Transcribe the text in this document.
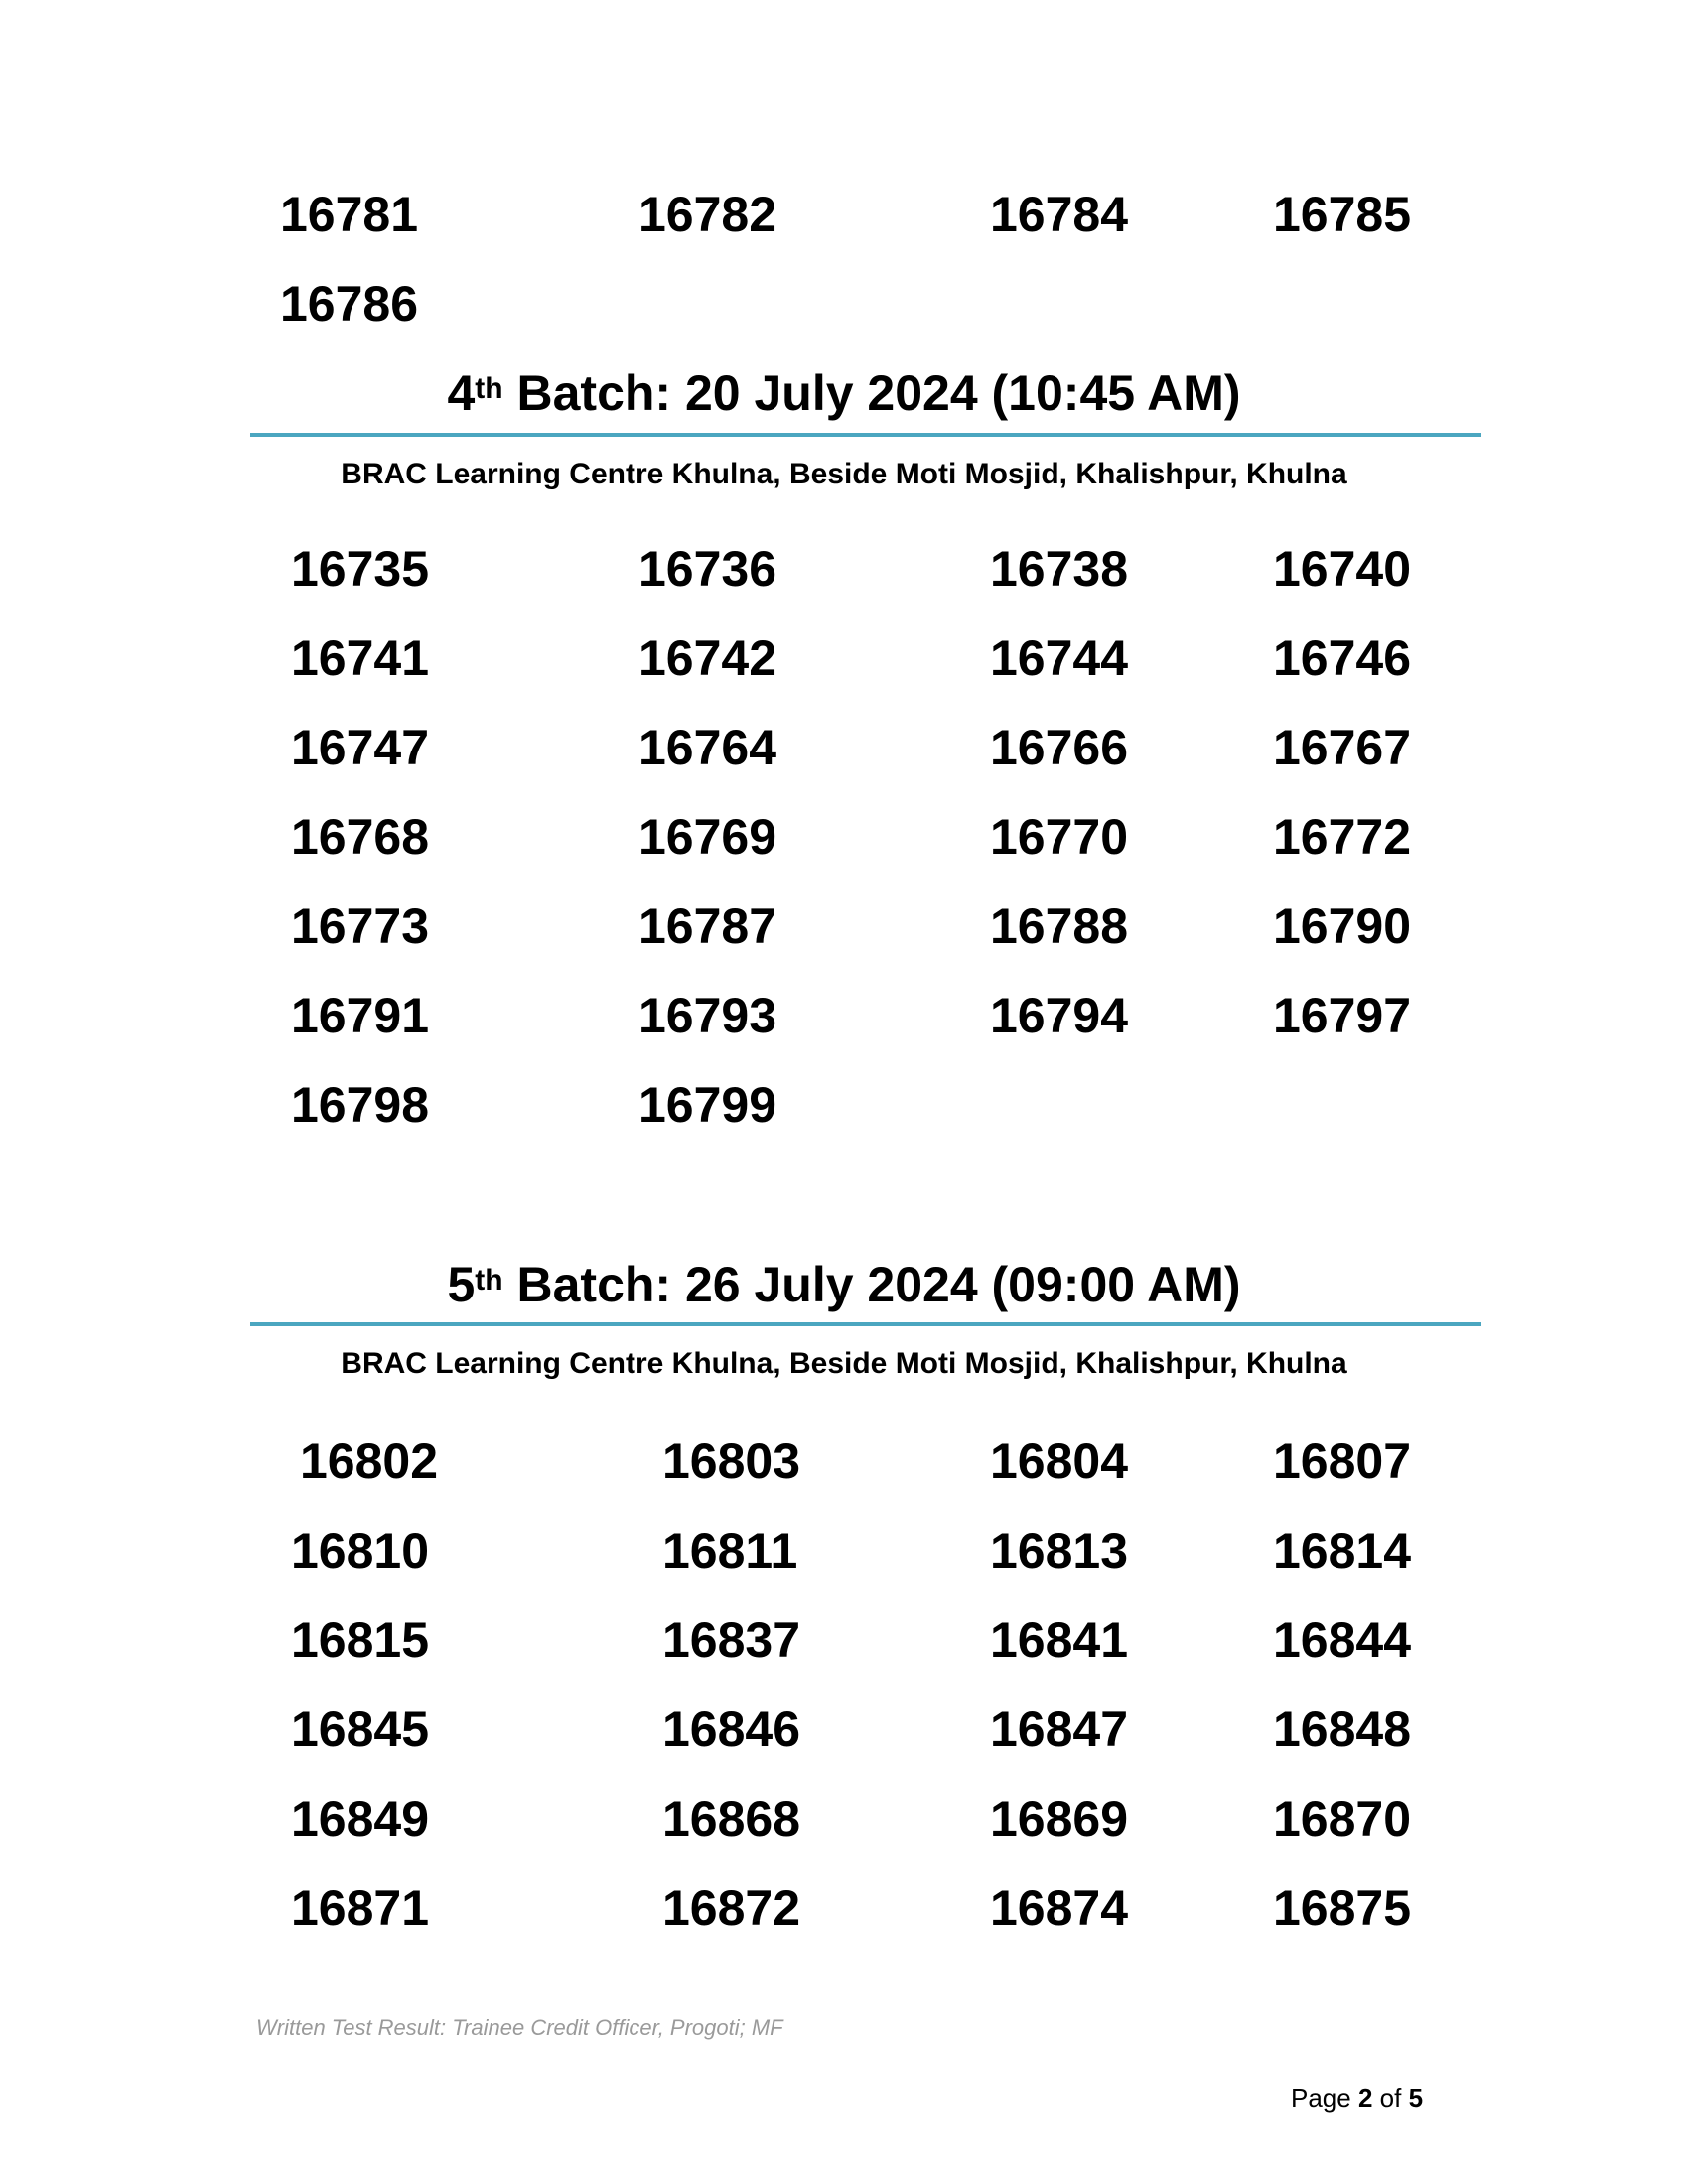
16781	16782	16784	16785

16786

4th Batch: 20 July 2024 (10:45 AM)
BRAC Learning Centre Khulna, Beside Moti Mosjid, Khalishpur, Khulna

16735	16736	16738	16740

16741	16742	16744	16746

16747	16764	16766	16767

16768	16769	16770	16772

16773	16787	16788	16790

16791	16793	16794	16797

16798	16799

5th Batch: 26 July 2024 (09:00 AM)
BRAC Learning Centre Khulna, Beside Moti Mosjid, Khalishpur, Khulna

16802	16803	16804	16807

16810	16811	16813	16814

16815	16837	16841	16844

16845	16846	16847	16848

16849	16868	16869	16870

16871	16872	16874	16875

Written Test Result: Trainee Credit Officer, Progoti; MF
Page 2 of 5
